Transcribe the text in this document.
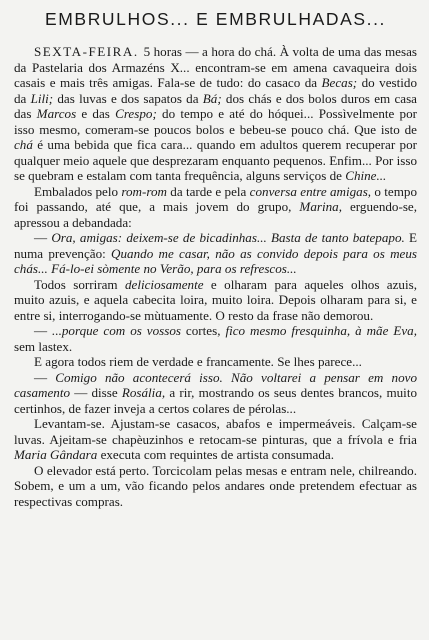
EMBRULHOS... E EMBRULHADAS...

SEXTA-FEIRA. 5 horas — a hora do chá. À volta de uma das mesas da Pastelaria dos Armazéns X... encontram-se em amena cavaqueira dois casais e mais três amigas. Fala-se de tudo: do casaco da Becas; do vestido da Lili; das luvas e dos sapatos da Bá; dos chás e dos bolos duros em casa das Marcos e das Crespo; do tempo e até do hóquei... Possìvelmente por isso mesmo, comeram-se poucos bolos e bebeu-se pouco chá. Que isto de chá é uma bebida que fica cara... quando em adultos querem recuperar por qualquer meio aquele que desprezaram enquanto pequenos. Enfim... Por isso se quebram e estalam com tanta frequência, alguns serviços de Chine...

Embalados pelo rom-rom da tarde e pela conversa entre amigas, o tempo foi passando, até que, a mais jovem do grupo, Marina, erguendo-se, apressou a debandada:

— Ora, amigas: deixem-se de bicadinhas... Basta de tanto batepapo. E numa prevenção: Quando me casar, não as convido depois para os meus chás... Fá-lo-ei sòmente no Verão, para os refrescos...

Todos sorriram deliciosamente e olharam para aqueles olhos azuis, muito azuis, e aquela cabecita loira, muito loira. Depois olharam para si, e entre si, interrogando-se mùtuamente. O resto da frase não demorou.

— ...porque com os vossos cortes, fico mesmo fresquinha, à mãe Eva, sem lastex.

E agora todos riem de verdade e francamente. Se lhes parece...

— Comigo não acontecerá isso. Não voltarei a pensar em novo casamento — disse Rosália, a rir, mostrando os seus dentes brancos, muito certinhos, de fazer inveja a certos colares de pérolas...

Levantam-se. Ajustam-se casacos, abafos e impermeáveis. Calçam-se luvas. Ajeitam-se chapèuzinhos e retocam-se pinturas, que a frívola e fria Maria Gândara executa com requintes de artista consumada.

O elevador está perto. Torcicolam pelas mesas e entram nele, chilreando. Sobem, e um a um, vão ficando pelos andares onde pretendem efectuar as respectivas compras.
